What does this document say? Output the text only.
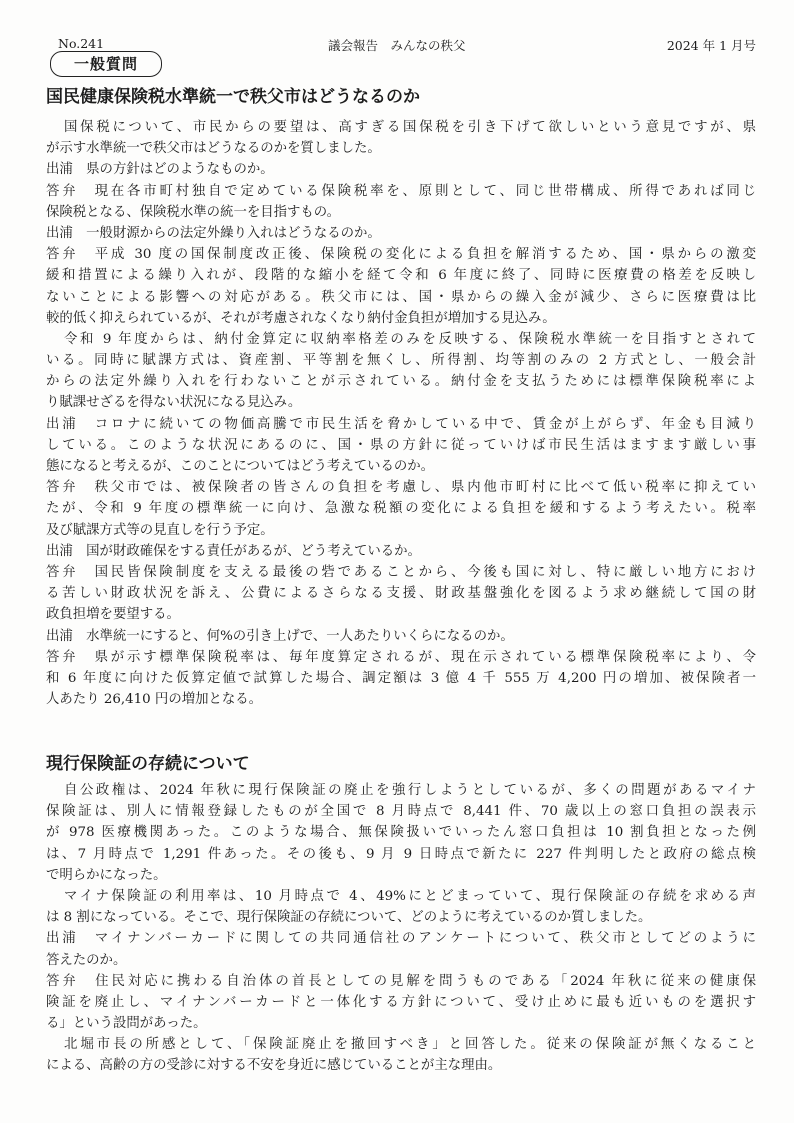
No.241	議会報告　みんなの秩父	2024 年 1 月号
一般質問
国民健康保険税水準統一で秩父市はどうなるのか
国保税について、市民からの要望は、高すぎる国保税を引き下げて欲しいという意見ですが、県
が示す水準統一で秩父市はどうなるのかを質しました。
出浦　県の方針はどのようなものか。
答弁　現在各市町村独自で定めている保険税率を、原則として、同じ世帯構成、所得であれば同じ
保険税となる、保険税水準の統一を目指すもの。
出浦　一般財源からの法定外繰り入れはどうなるのか。
答弁　平成 30 度の国保制度改正後、保険税の変化による負担を解消するため、国・県からの激変
緩和措置による繰り入れが、段階的な縮小を経て令和 6 年度に終了、同時に医療費の格差を反映し
ないことによる影響への対応がある。秩父市には、国・県からの繰入金が減少、さらに医療費は比
較的低く抑えられているが、それが考慮されなくなり納付金負担が増加する見込み。
令和 9 年度からは、納付金算定に収納率格差のみを反映する、保険税水準統一を目指すとされて
いる。同時に賦課方式は、資産割、平等割を無くし、所得割、均等割のみの 2 方式とし、一般会計
からの法定外繰り入れを行わないことが示されている。納付金を支払うためには標準保険税率によ
り賦課せざるを得ない状況になる見込み。
出浦　コロナに続いての物価高騰で市民生活を脅かしている中で、賃金が上がらず、年金も目減り
している。このような状況にあるのに、国・県の方針に従っていけば市民生活はますます厳しい事
態になると考えるが、このことについてはどう考えているのか。
答弁　秩父市では、被保険者の皆さんの負担を考慮し、県内他市町村に比べて低い税率に抑えてい
たが、令和 9 年度の標準統一に向け、急激な税額の変化による負担を緩和するよう考えたい。税率
及び賦課方式等の見直しを行う予定。
出浦　国が財政確保をする責任があるが、どう考えているか。
答弁　国民皆保険制度を支える最後の砦であることから、今後も国に対し、特に厳しい地方におけ
る苦しい財政状況を訴え、公費によるさらなる支援、財政基盤強化を図るよう求め継続して国の財
政負担増を要望する。
出浦　水準統一にすると、何%の引き上げで、一人あたりいくらになるのか。
答弁　県が示す標準保険税率は、毎年度算定されるが、現在示されている標準保険税率により、令
和 6 年度に向けた仮算定値で試算した場合、調定額は 3 億 4 千 555 万 4,200 円の増加、被保険者一
人あたり 26,410 円の増加となる。
現行保険証の存続について
自公政権は、2024 年秋に現行保険証の廃止を強行しようとしているが、多くの問題があるマイナ
保険証は、別人に情報登録したものが全国で 8 月時点で 8,441 件、70 歳以上の窓口負担の誤表示
が 978 医療機関あった。このような場合、無保険扱いでいったん窓口負担は 10 割負担となった例
は、7 月時点で 1,291 件あった。その後も、9 月 9 日時点で新たに 227 件判明したと政府の総点検
で明らかになった。
マイナ保険証の利用率は、10 月時点で 4、49%にとどまっていて、現行保険証の存続を求める声
は 8 割になっている。そこで、現行保険証の存続について、どのように考えているのか質しました。
出浦　マイナンバーカードに関しての共同通信社のアンケートについて、秩父市としてどのように
答えたのか。
答弁　住民対応に携わる自治体の首長としての見解を問うものである「2024 年秋に従来の健康保
険証を廃止し、マイナンバーカードと一体化する方針について、受け止めに最も近いものを選択す
る」という設問があった。
北堀市長の所感として、「保険証廃止を撤回すべき」と回答した。従来の保険証が無くなること
による、高齢の方の受診に対する不安を身近に感じていることが主な理由。
